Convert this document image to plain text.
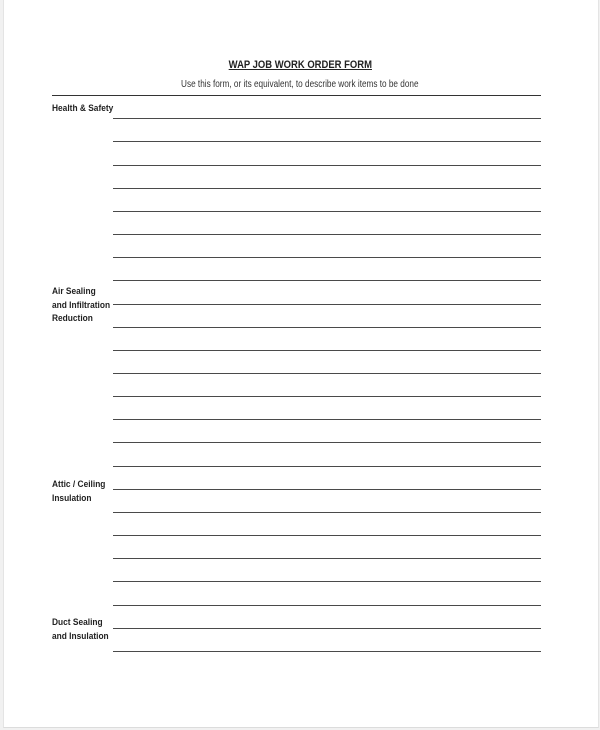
WAP JOB WORK ORDER FORM
Use this form, or its equivalent, to describe work items to be done
Health & Safety
Air Sealing
and Infiltration
Reduction
Attic / Ceiling
Insulation
Duct Sealing
and Insulation
